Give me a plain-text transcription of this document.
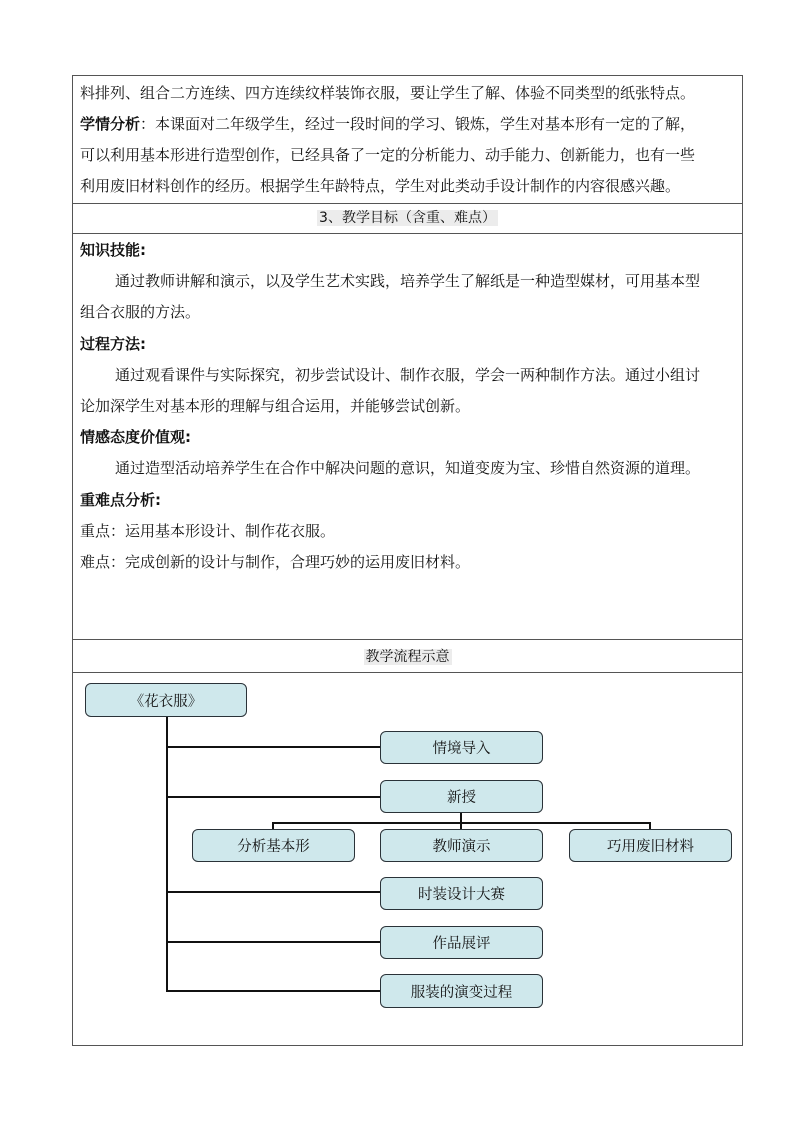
料排列、组合二方连续、四方连续纹样装饰衣服，要让学生了解、体验不同类型的纸张特点。
学情分析：本课面对二年级学生，经过一段时间的学习、锻炼，学生对基本形有一定的了解，
可以利用基本形进行造型创作，已经具备了一定的分析能力、动手能力、创新能力，也有一些
利用废旧材料创作的经历。根据学生年龄特点，学生对此类动手设计制作的内容很感兴趣。
3、教学目标（含重、难点）
知识技能:
通过教师讲解和演示，以及学生艺术实践，培养学生了解纸是一种造型媒材，可用基本型
组合衣服的方法。
过程方法:
通过观看课件与实际探究，初步尝试设计、制作衣服，学会一两种制作方法。通过小组讨
论加深学生对基本形的理解与组合运用，并能够尝试创新。
情感态度价值观:
通过造型活动培养学生在合作中解决问题的意识，知道变废为宝、珍惜自然资源的道理。
重难点分析:
重点：运用基本形设计、制作花衣服。
难点：完成创新的设计与制作，合理巧妙的运用废旧材料。
教学流程示意
《花衣服》
情境导入
新授
分析基本形	教师演示	巧用废旧材料
时装设计大赛
作品展评
服装的演变过程
